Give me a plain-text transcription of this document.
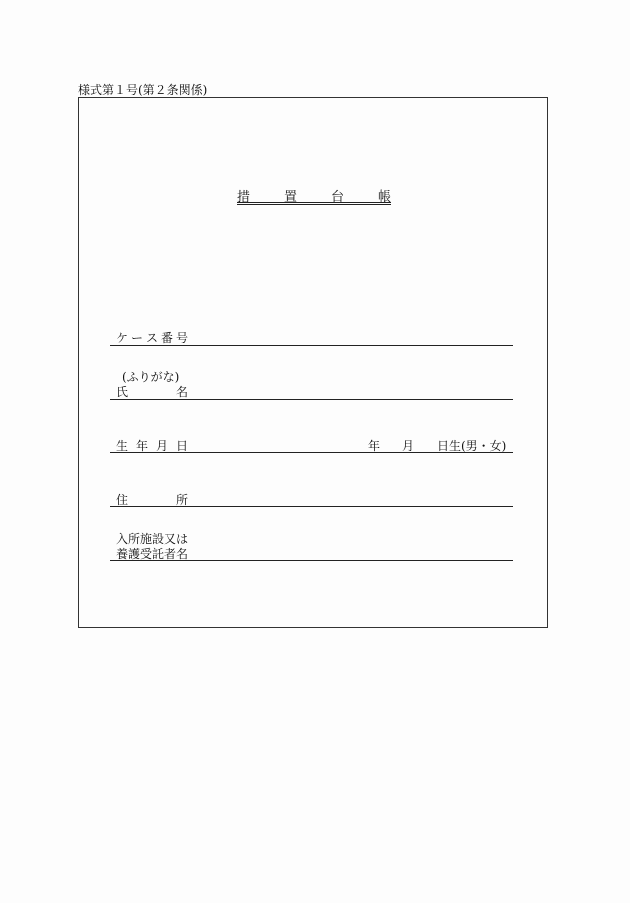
様式第１号(第２条関係)
措	置	台	帳
ケ ー ス 番 号
(ふりがな)
氏	名
生 年 月 日	年 月 日生(男・女)
住	所
入所施設又は
養護受託者名
